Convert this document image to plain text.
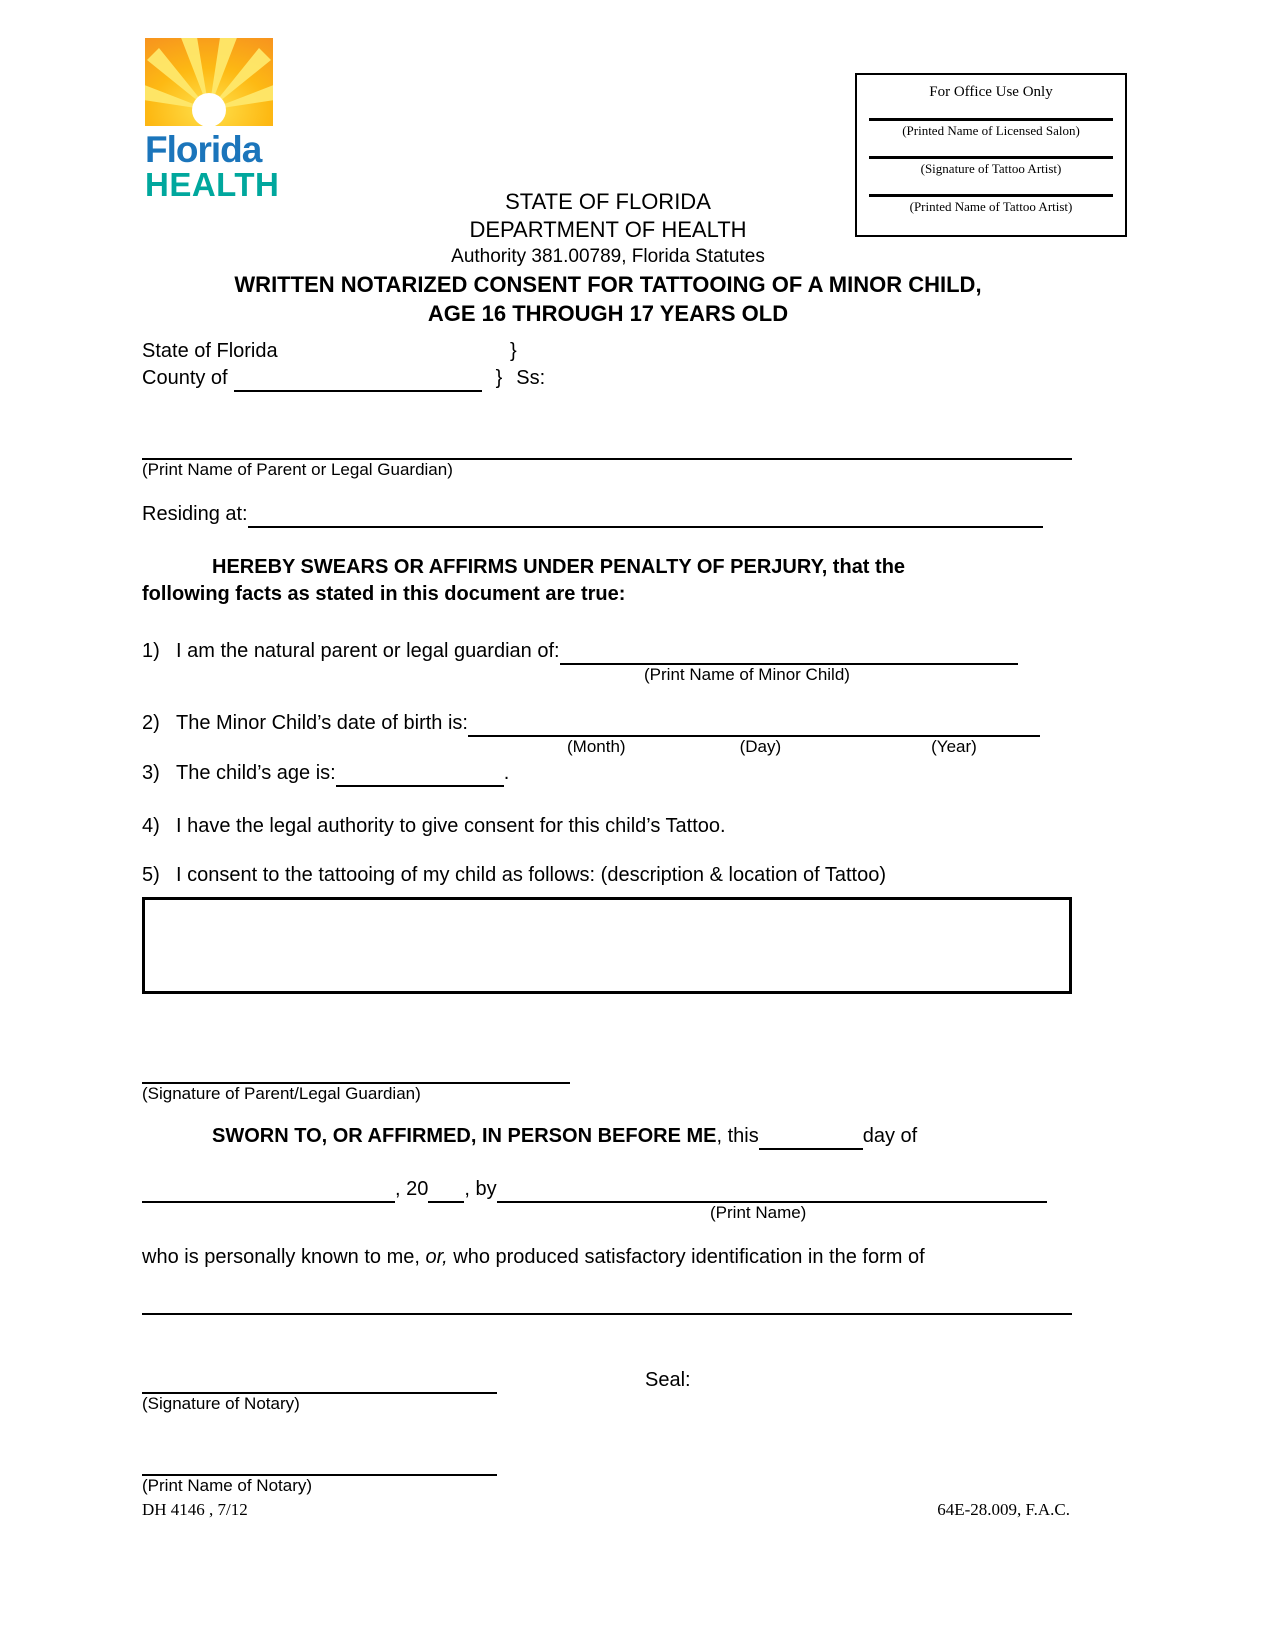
Florida
HEALTH
For Office Use Only
(Printed Name of Licensed Salon)
(Signature of Tattoo Artist)
(Printed Name of Tattoo Artist)
STATE OF FLORIDA
DEPARTMENT OF HEALTH
Authority 381.00789, Florida Statutes
WRITTEN NOTARIZED CONSENT FOR TATTOOING OF A MINOR CHILD,
AGE 16 THROUGH 17 YEARS OLD
State of Florida	}
County of	} Ss:
(Print Name of Parent or Legal Guardian)
Residing at:
HEREBY SWEARS OR AFFIRMS UNDER PENALTY OF PERJURY, that the
following facts as stated in this document are true:
1) I am the natural parent or legal guardian of:
(Print Name of Minor Child)
2) The Minor Child’s date of birth is:
(Month)	(Day)	(Year)
3) The child’s age is:	.
4) I have the legal authority to give consent for this child’s Tattoo.
5) I consent to the tattooing of my child as follows: (description & location of Tattoo)
(Signature of Parent/Legal Guardian)
SWORN TO, OR AFFIRMED, IN PERSON BEFORE ME, this	day of
, 20 , by
(Print Name)
who is personally known to me, or, who produced satisfactory identification in the form of
Seal:
(Signature of Notary)
(Print Name of Notary)
DH 4146 , 7/12	64E-28.009, F.A.C.
